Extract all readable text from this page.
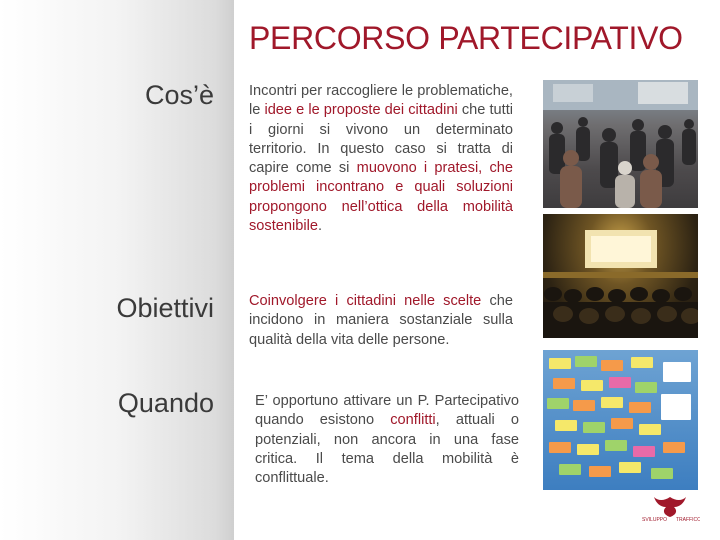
PERCORSO PARTECIPATIVO
Cos’è
Obiettivi
Quando
Incontri per raccogliere le problematiche, le idee e le proposte dei cittadini che tutti i giorni si vivono un determinato territorio. In questo caso si tratta di capire come si muovono i pratesi, che problemi incontrano e quali soluzioni propongono nell’ottica della mobilità sostenibile.
Coinvolgere i cittadini nelle scelte che incidono in maniera sostanziale sulla qualità della vita delle persone.
E’ opportuno attivare un P. Partecipativo quando esistono conflitti, attuali o potenziali, non ancora in una fase critica. Il tema della mobilità è conflittuale.
SVILUPPO TRAFFICO
